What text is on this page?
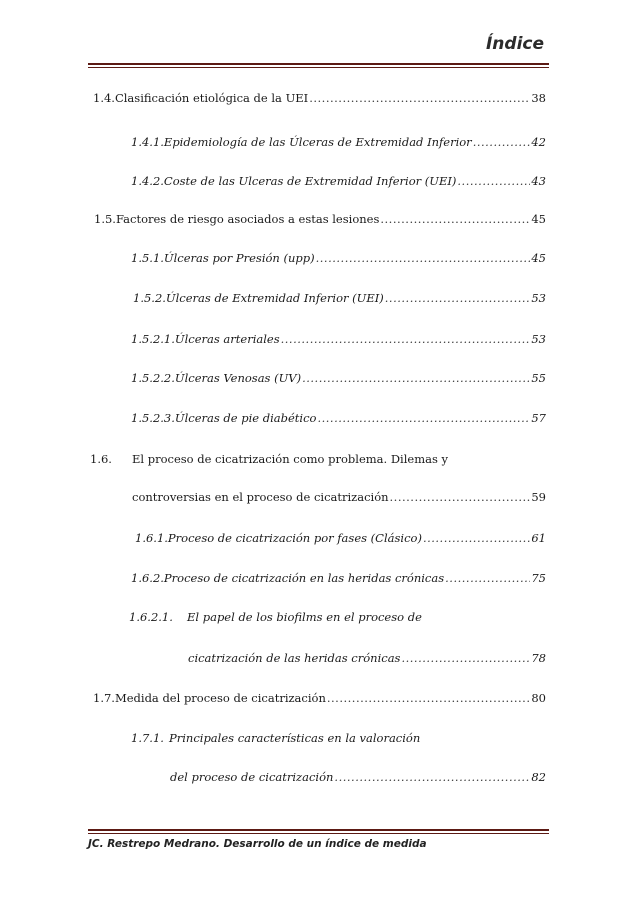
Índice
1.4. Clasificación etiológica de la UEI .....	38
1.4.1. Epidemiología de las Úlceras de Extremidad Inferior .....	42
1.4.2. Coste de las Ulceras de Extremidad Inferior (UEI) .....	43
1.5. Factores de riesgo asociados a estas lesiones .....	45
1.5.1. Úlceras por Presión (upp) .....	45
1.5.2. Úlceras de Extremidad Inferior (UEI) .....	53
1.5.2.1. Úlceras arteriales .....	53
1.5.2.2. Úlceras Venosas (UV) .....	55
1.5.2.3. Úlceras de pie diabético .....	57
1.6.	El proceso de cicatrización como problema. Dilemas y
controversias en el proceso de cicatrización .....	59
1.6.1. Proceso de cicatrización por fases (Clásico) .....	61
1.6.2. Proceso de cicatrización en las heridas crónicas .....	75
1.6.2.1.	El papel de los biofilms en el proceso de
cicatrización de las heridas crónicas .....	78
1.7. Medida del proceso de cicatrización .....	80
1.7.1. Principales características en la valoración
del proceso de cicatrización .....	82
JC. Restrepo Medrano. Desarrollo de un índice de medida
